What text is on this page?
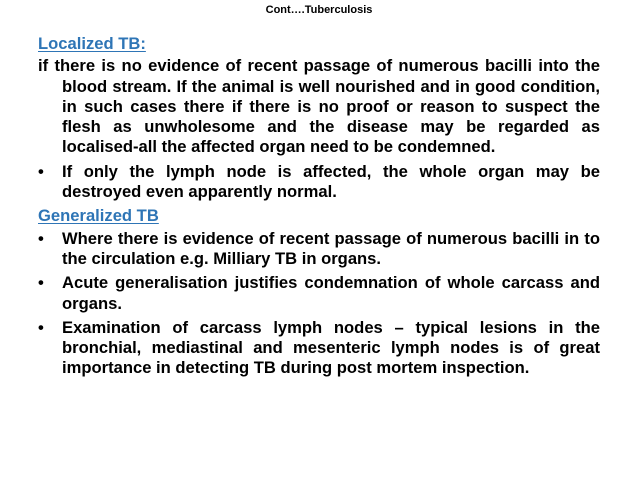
Cont….Tuberculosis
Localized TB:
if there is no evidence of recent passage of numerous bacilli into the blood stream. If the animal is well nourished and in good condition, in such cases there if there is no proof or reason to suspect the flesh as unwholesome and the disease may be regarded as localised-all the affected organ need to be condemned.
• If only the lymph node is affected, the whole organ may be destroyed even apparently normal.
Generalized TB
• Where there is evidence of recent passage of numerous bacilli in to the circulation e.g. Milliary TB in organs.
• Acute generalisation justifies condemnation of whole carcass and organs.
• Examination of carcass lymph nodes – typical lesions in the bronchial, mediastinal and mesenteric lymph nodes is of great importance in detecting TB during post mortem inspection.
